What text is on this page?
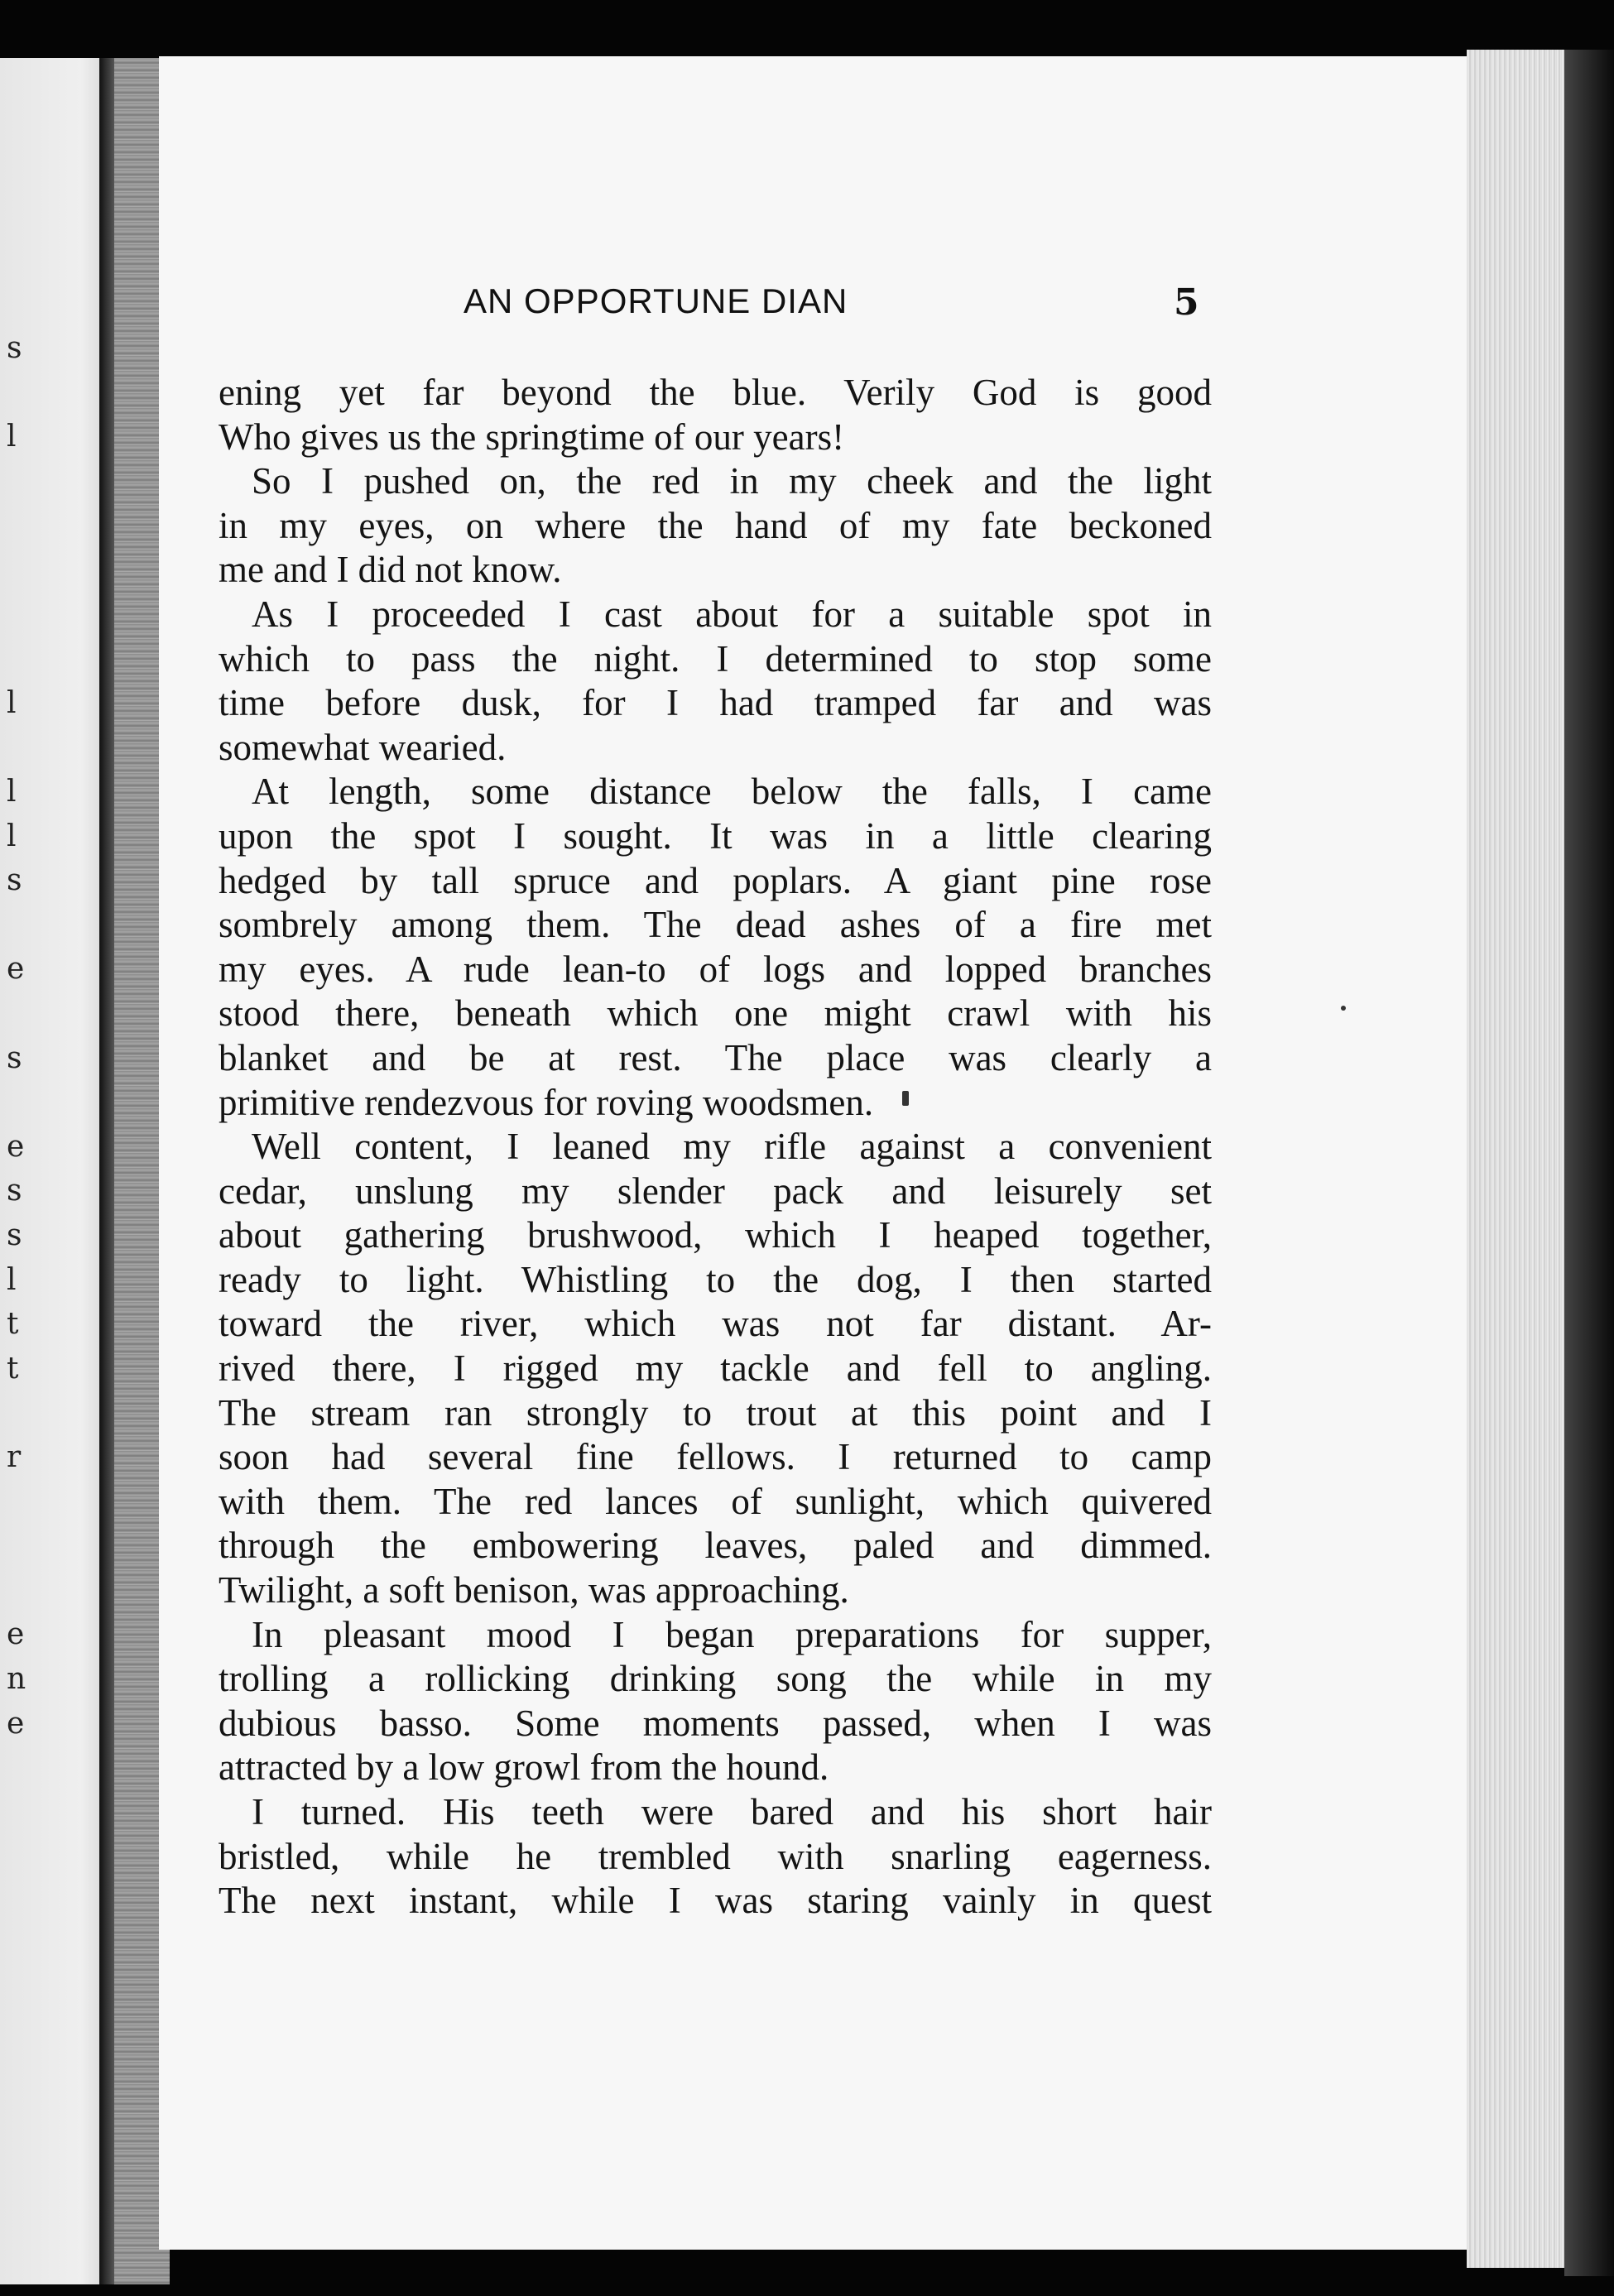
s
l
l
l
l
s
e
s
e
s
s
l
t
t
r
e
n
e
AN OPPORTUNE DIAN	5
ening yet far beyond the blue. Verily God is good
Who gives us the springtime of our years!
So I pushed on, the red in my cheek and the light
in my eyes, on where the hand of my fate beckoned
me and I did not know.
As I proceeded I cast about for a suitable spot in
which to pass the night. I determined to stop some
time before dusk, for I had tramped far and was
somewhat wearied.
At length, some distance below the falls, I came
upon the spot I sought. It was in a little clearing
hedged by tall spruce and poplars. A giant pine rose
sombrely among them. The dead ashes of a fire met
my eyes. A rude lean-to of logs and lopped branches
stood there, beneath which one might crawl with his
blanket and be at rest. The place was clearly a
primitive rendezvous for roving woodsmen.
Well content, I leaned my rifle against a convenient
cedar, unslung my slender pack and leisurely set
about gathering brushwood, which I heaped together,
ready to light. Whistling to the dog, I then started
toward the river, which was not far distant. Ar-
rived there, I rigged my tackle and fell to angling.
The stream ran strongly to trout at this point and I
soon had several fine fellows. I returned to camp
with them. The red lances of sunlight, which quivered
through the embowering leaves, paled and dimmed.
Twilight, a soft benison, was approaching.
In pleasant mood I began preparations for supper,
trolling a rollicking drinking song the while in my
dubious basso. Some moments passed, when I was
attracted by a low growl from the hound.
I turned. His teeth were bared and his short hair
bristled, while he trembled with snarling eagerness.
The next instant, while I was staring vainly in quest
